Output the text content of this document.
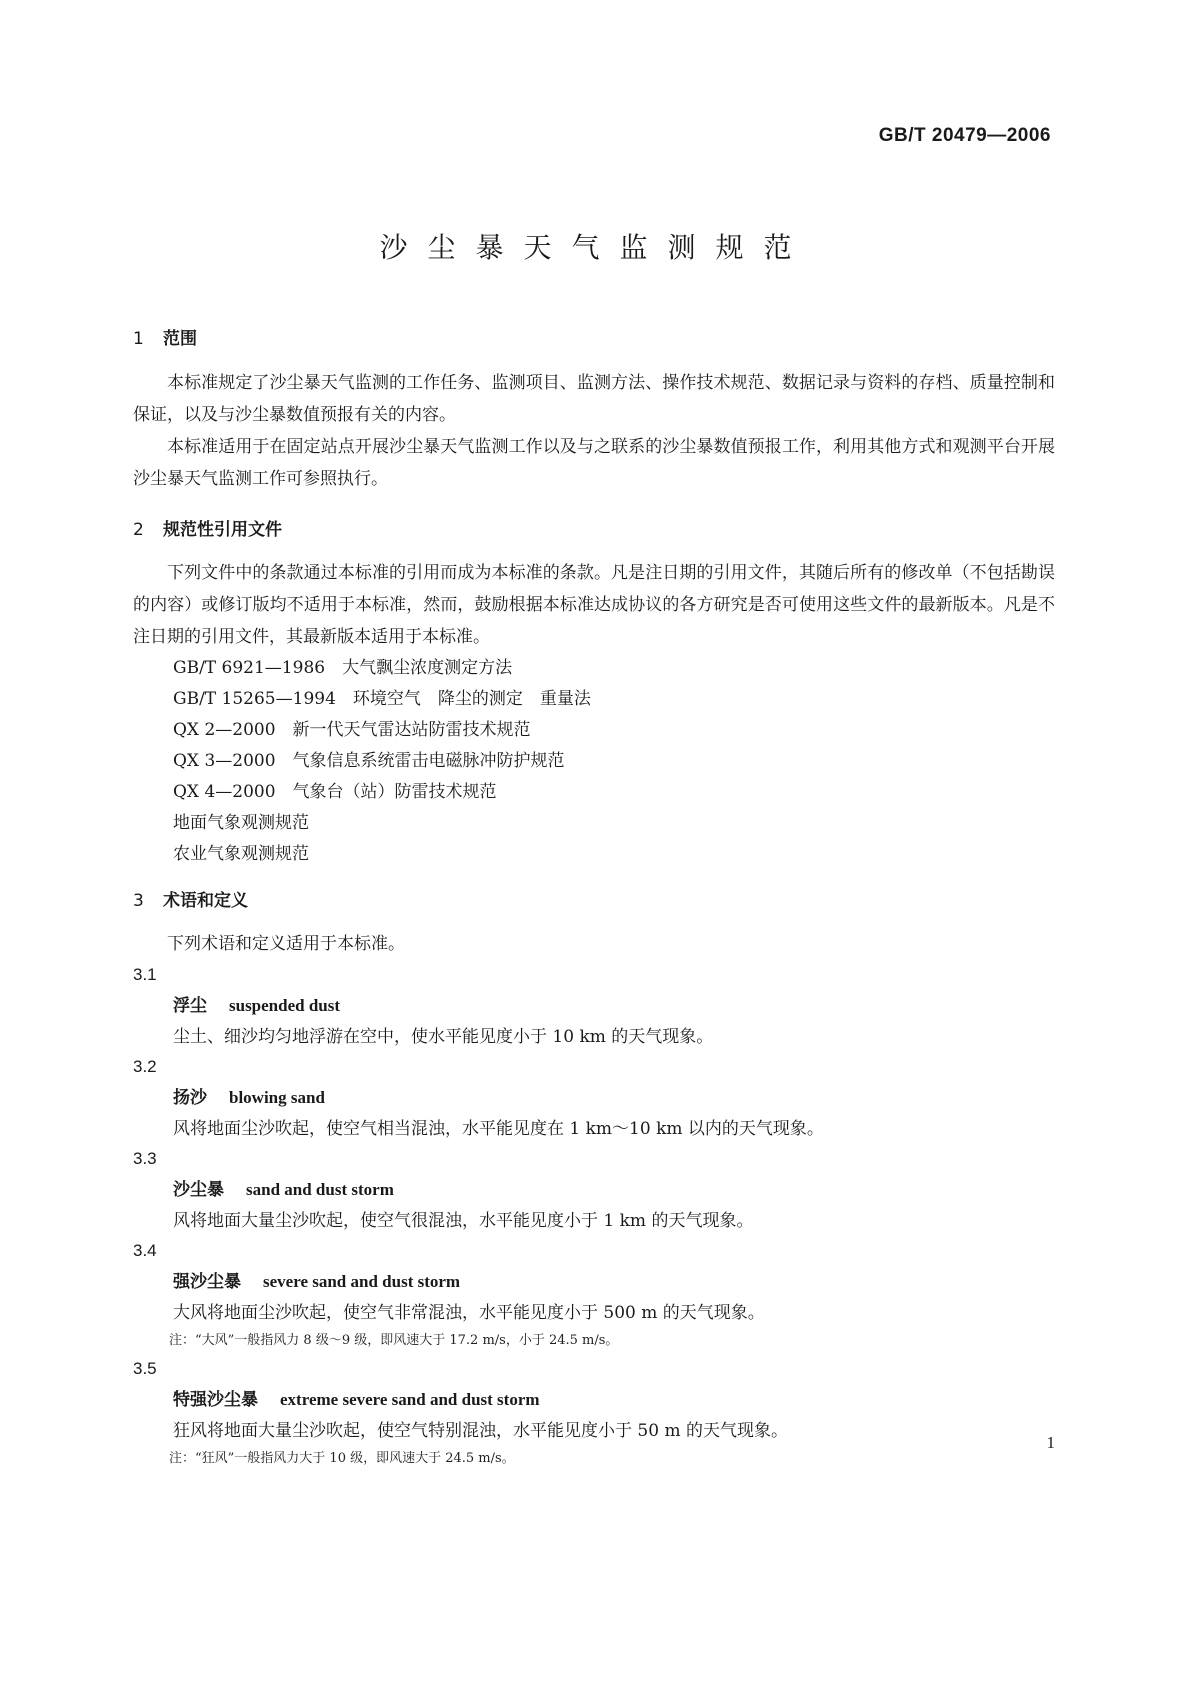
GB/T 20479—2006
沙尘暴天气监测规范

1 范围

本标准规定了沙尘暴天气监测的工作任务、监测项目、监测方法、操作技术规范、数据记录与资料的存档、质量控制和保证，以及与沙尘暴数值预报有关的内容。

本标准适用于在固定站点开展沙尘暴天气监测工作以及与之联系的沙尘暴数值预报工作，利用其他方式和观测平台开展沙尘暴天气监测工作可参照执行。

2 规范性引用文件

下列文件中的条款通过本标准的引用而成为本标准的条款。凡是注日期的引用文件，其随后所有的修改单（不包括勘误的内容）或修订版均不适用于本标准，然而，鼓励根据本标准达成协议的各方研究是否可使用这些文件的最新版本。凡是不注日期的引用文件，其最新版本适用于本标准。

GB/T 6921—1986　大气飘尘浓度测定方法

GB/T 15265—1994　环境空气　降尘的测定　重量法

QX 2—2000　新一代天气雷达站防雷技术规范

QX 3—2000　气象信息系统雷击电磁脉冲防护规范

QX 4—2000　气象台（站）防雷技术规范

地面气象观测规范

农业气象观测规范

3 术语和定义

下列术语和定义适用于本标准。

3.1

浮尘 suspended dust

尘土、细沙均匀地浮游在空中，使水平能见度小于 10 km 的天气现象。

3.2

扬沙 blowing sand

风将地面尘沙吹起，使空气相当混浊，水平能见度在 1 km～10 km 以内的天气现象。

3.3

沙尘暴 sand and dust storm

风将地面大量尘沙吹起，使空气很混浊，水平能见度小于 1 km 的天气现象。

3.4

强沙尘暴 severe sand and dust storm

大风将地面尘沙吹起，使空气非常混浊，水平能见度小于 500 m 的天气现象。

注：“大风”一般指风力 8 级～9 级，即风速大于 17.2 m/s，小于 24.5 m/s。

3.5

特强沙尘暴 extreme severe sand and dust storm

狂风将地面大量尘沙吹起，使空气特别混浊，水平能见度小于 50 m 的天气现象。

注：“狂风”一般指风力大于 10 级，即风速大于 24.5 m/s。

1
